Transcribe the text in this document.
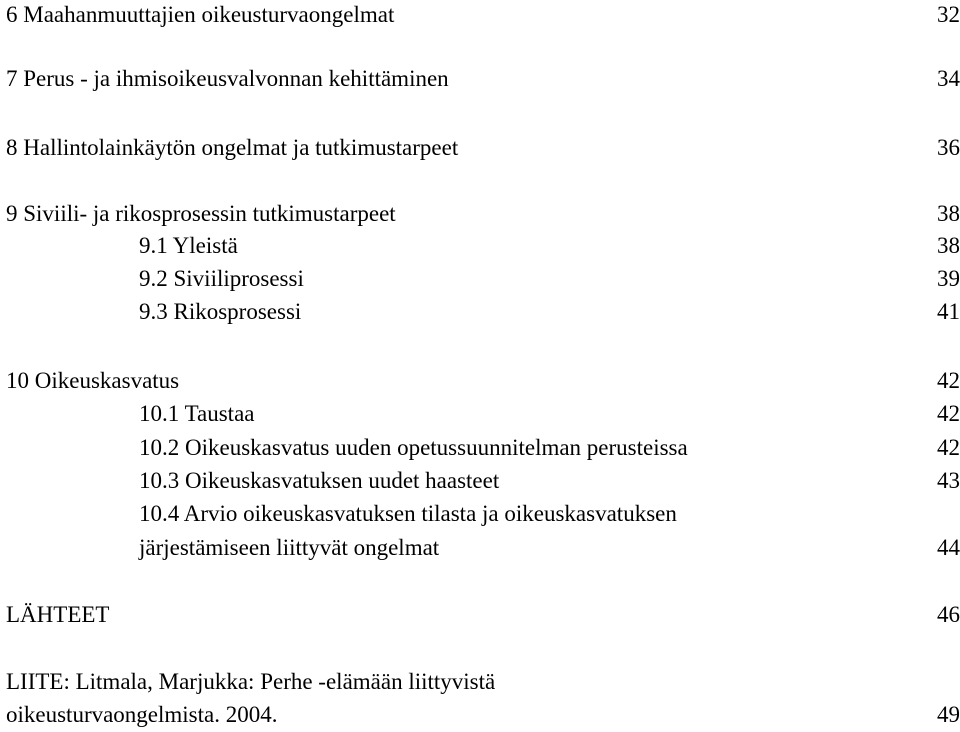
6 Maahanmuuttajien oikeusturvaongelmat	32
7 Perus - ja ihmisoikeusvalvonnan kehittäminen	34
8 Hallintolainkäytön ongelmat ja tutkimustarpeet	36
9 Siviili- ja rikosprosessin tutkimustarpeet	38
9.1 Yleistä	38
9.2 Siviiliprosessi	39
9.3 Rikosprosessi	41
10 Oikeuskasvatus	42
10.1 Taustaa	42
10.2 Oikeuskasvatus uuden opetussuunnitelman perusteissa	42
10.3 Oikeuskasvatuksen uudet haasteet	43
10.4 Arvio oikeuskasvatuksen tilasta ja oikeuskasvatuksen
järjestämiseen liittyvät ongelmat	44
LÄHTEET	46
LIITE: Litmala, Marjukka: Perhe -elämään liittyvistä
oikeusturvaongelmista. 2004.	49
